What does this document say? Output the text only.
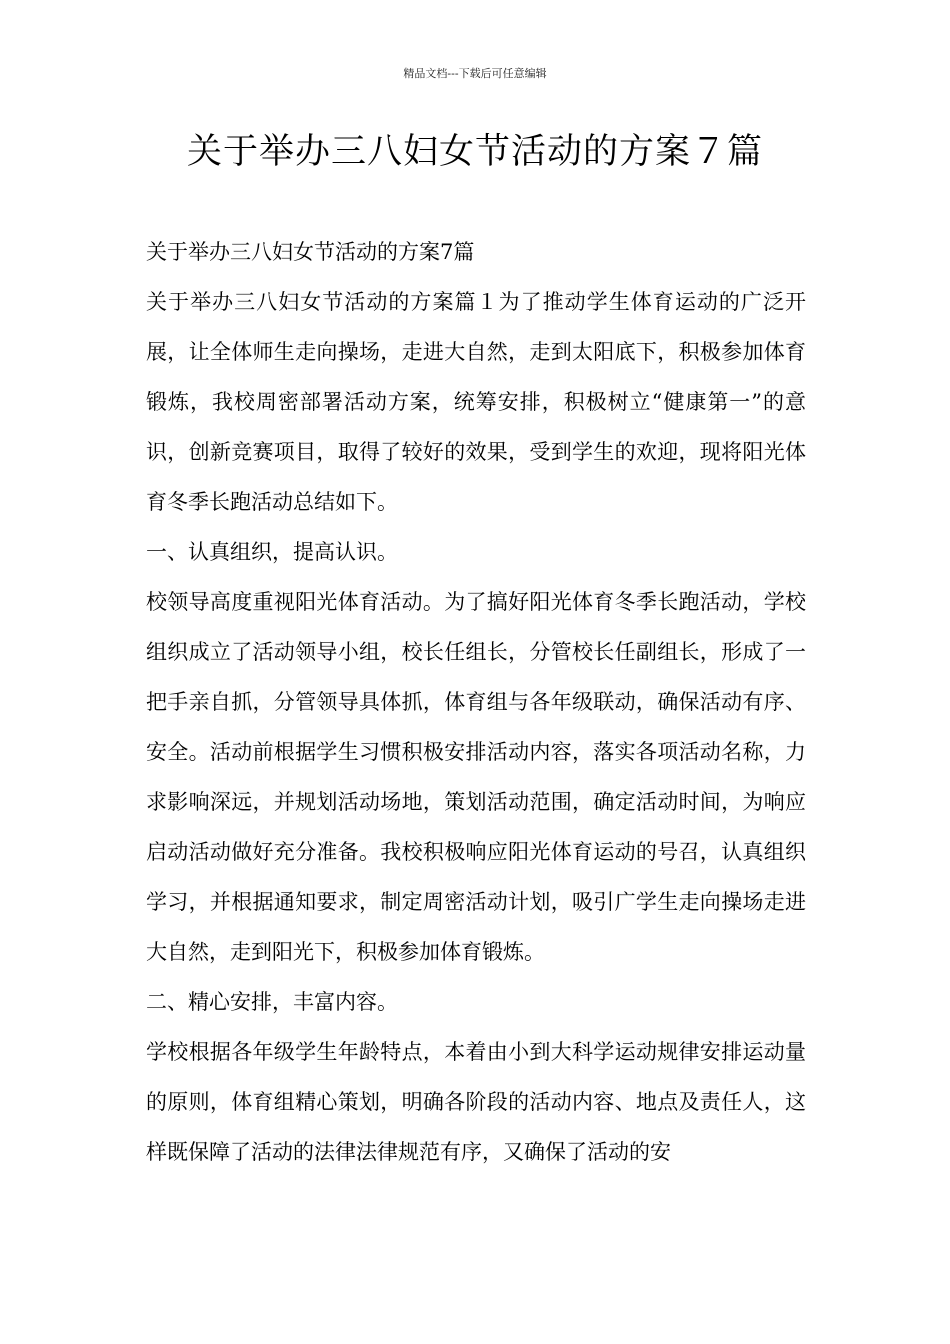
精品文档---下载后可任意编辑
关于举办三八妇女节活动的方案７篇

关于举办三八妇女节活动的方案7篇

关于举办三八妇女节活动的方案篇１为了推动学生体育运动的广泛开展，让全体师生走向操场，走进大自然，走到太阳底下，积极参加体育锻炼，我校周密部署活动方案，统筹安排，积极树立“健康第一”的意识，创新竞赛项目，取得了较好的效果，受到学生的欢迎，现将阳光体育冬季长跑活动总结如下。

一、认真组织，提高认识。

校领导高度重视阳光体育活动。为了搞好阳光体育冬季长跑活动，学校组织成立了活动领导小组，校长任组长，分管校长任副组长，形成了一把手亲自抓，分管领导具体抓，体育组与各年级联动，确保活动有序、安全。活动前根据学生习惯积极安排活动内容，落实各项活动名称，力求影响深远，并规划活动场地，策划活动范围，确定活动时间，为响应启动活动做好充分准备。我校积极响应阳光体育运动的号召，认真组织学习，并根据通知要求，制定周密活动计划，吸引广学生走向操场走进大自然，走到阳光下，积极参加体育锻炼。

二、精心安排，丰富内容。

学校根据各年级学生年龄特点，本着由小到大科学运动规律安排运动量的原则，体育组精心策划，明确各阶段的活动内容、地点及责任人，这样既保障了活动的法律法律规范有序，又确保了活动的安
